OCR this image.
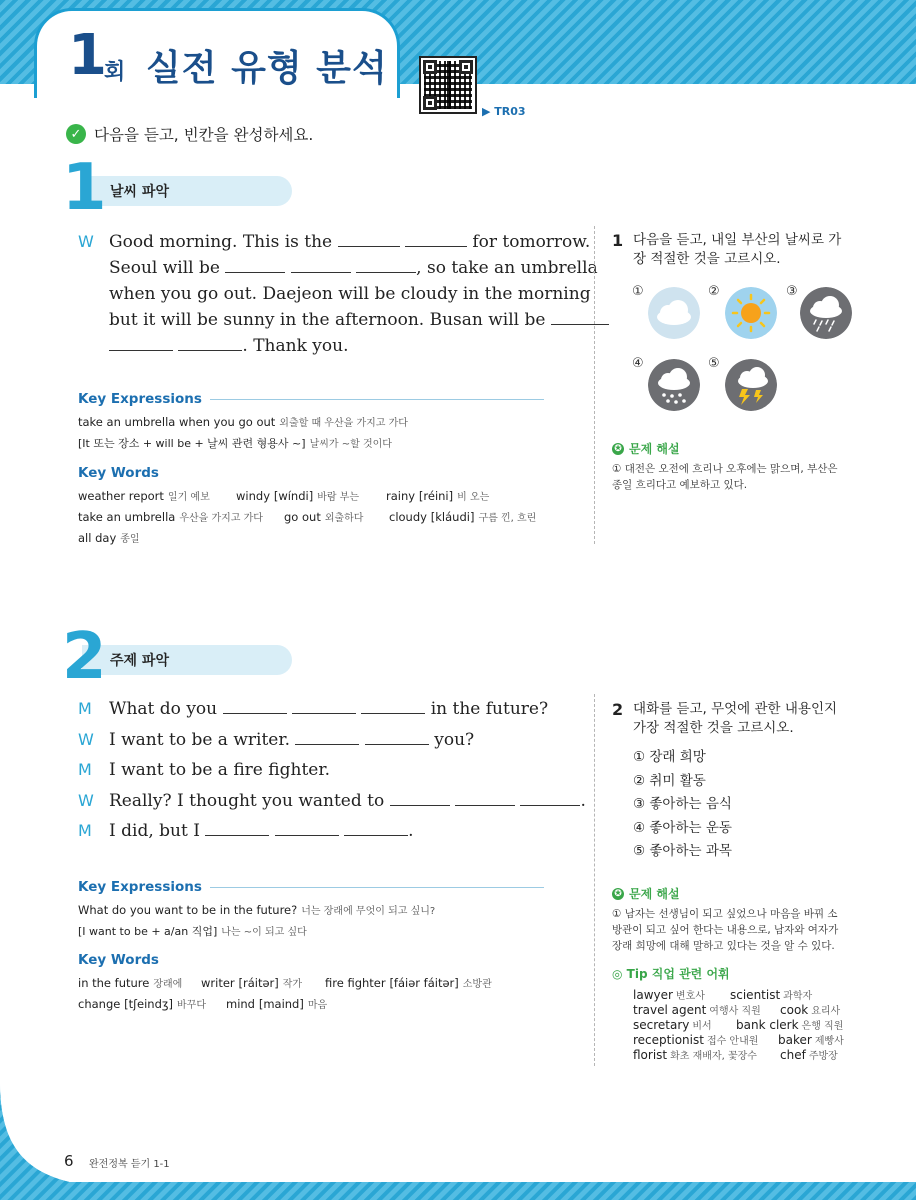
1 회 실전 유형 분석
▶ TR03
✓ 다음을 듣고, 빈칸을 완성하세요.
날씨 파악
1
W Good morning. This is the	for tomorrow.
Seoul will be	, so take an umbrella
when you go out. Daejeon will be cloudy in the morning
but it will be sunny in the afternoon. Busan will be
. Thank you.
Key Expressions
take an umbrella when you go out 외출할 때 우산을 가지고 가다
[It 또는 장소 + will be + 날씨 관련 형용사 ~] 날씨가 ~할 것이다
Key Words
weather report 일기 예보 windy [wíndi] 바람 부는 rainy [réini] 비 오는
take an umbrella 우산을 가지고 가다 go out 외출하다 cloudy [kláudi] 구름 낀, 흐린
all day 종일
주제 파악
2
M What do you	in the future?
W I want to be a writer.	you?
M I want to be a fire fighter.
W Really? I thought you wanted to	.
M I did, but I	.
Key Expressions
What do you want to be in the future? 너는 장래에 무엇이 되고 싶니?
[I want to be + a/an 직업] 나는 ~이 되고 싶다
Key Words
in the future 장래에 writer [ráitər] 작가 fire fighter [fáiər fáitər] 소방관
change [tʃeindʒ] 바꾸다 mind [maind] 마음
1 다음을 듣고, 내일 부산의 날씨로 가장 적절한 것을 고르시오.
①	②	③
④	⑤
✪ 문제 해설
① 대전은 오전에 흐리나 오후에는 맑으며, 부산은 종일 흐리다고 예보하고 있다.
2 대화를 듣고, 무엇에 관한 내용인지 가장 적절한 것을 고르시오.
① 장래 희망
② 취미 활동
③ 좋아하는 음식
④ 좋아하는 운동
⑤ 좋아하는 과목
✪ 문제 해설
① 남자는 선생님이 되고 싶었으나 마음을 바꿔 소방관이 되고 싶어 한다는 내용으로, 남자와 여자가 장래 희망에 대해 말하고 있다는 것을 알 수 있다.
◎ Tip 직업 관련 어휘
lawyer 변호사 scientist 과학자
travel agent 여행사 직원 cook 요리사
secretary 비서 bank clerk 은행 직원
receptionist 접수 안내원 baker 제빵사
florist 화초 재배자, 꽃장수 chef 주방장
6 완전정복 듣기 1-1
